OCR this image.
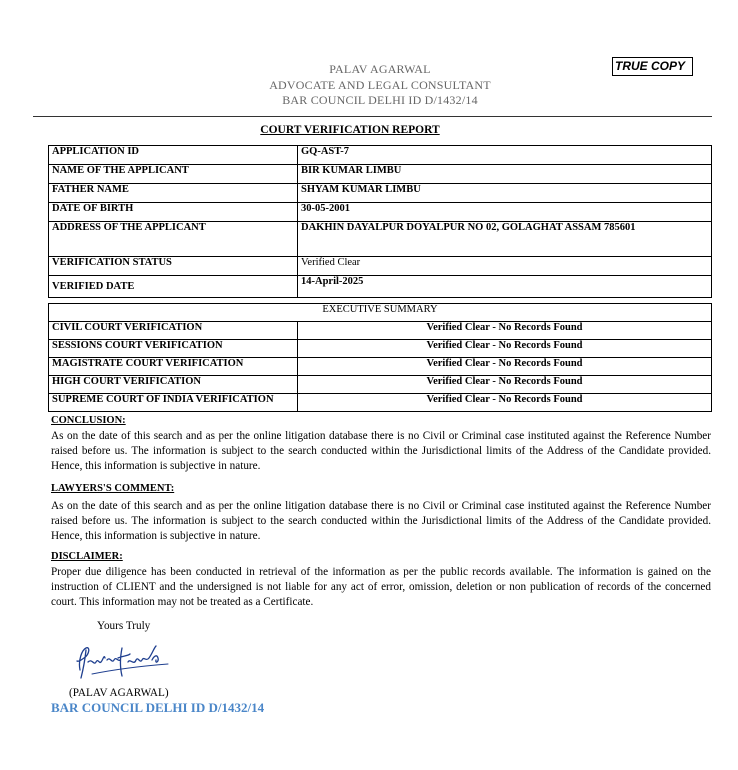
PALAV AGARWAL
ADVOCATE AND LEGAL CONSULTANT
BAR COUNCIL DELHI ID D/1432/14
TRUE COPY
COURT VERIFICATION REPORT
APPLICATION ID	GQ-AST-7
NAME OF THE APPLICANT	BIR KUMAR LIMBU
FATHER NAME	SHYAM KUMAR LIMBU
DATE OF BIRTH	30-05-2001
ADDRESS OF THE APPLICANT	DAKHIN DAYALPUR DOYALPUR NO 02, GOLAGHAT ASSAM 785601
VERIFICATION STATUS	Verified Clear
VERIFIED DATE	14-April-2025
EXECUTIVE SUMMARY	
CIVIL COURT VERIFICATION	Verified Clear - No Records Found
SESSIONS COURT VERIFICATION	Verified Clear - No Records Found
MAGISTRATE COURT VERIFICATION	Verified Clear - No Records Found
HIGH COURT VERIFICATION	Verified Clear - No Records Found
SUPREME COURT OF INDIA VERIFICATION	Verified Clear - No Records Found
CONCLUSION:
As on the date of this search and as per the online litigation database there is no Civil or Criminal case instituted against the Reference Number raised before us. The information is subject to the search conducted within the Jurisdictional limits of the Address of the Candidate provided. Hence, this information is subjective in nature.
LAWYERS'S COMMENT:
As on the date of this search and as per the online litigation database there is no Civil or Criminal case instituted against the Reference Number raised before us. The information is subject to the search conducted within the Jurisdictional limits of the Address of the Candidate provided. Hence, this information is subjective in nature.
DISCLAIMER:
Proper due diligence has been conducted in retrieval of the information as per the public records available. The information is gained on the instruction of CLIENT and the undersigned is not liable for any act of error, omission, deletion or non publication of records of the concerned court. This information may not be treated as a Certificate.
Yours Truly
(PALAV AGARWAL)
BAR COUNCIL DELHI ID D/1432/14
